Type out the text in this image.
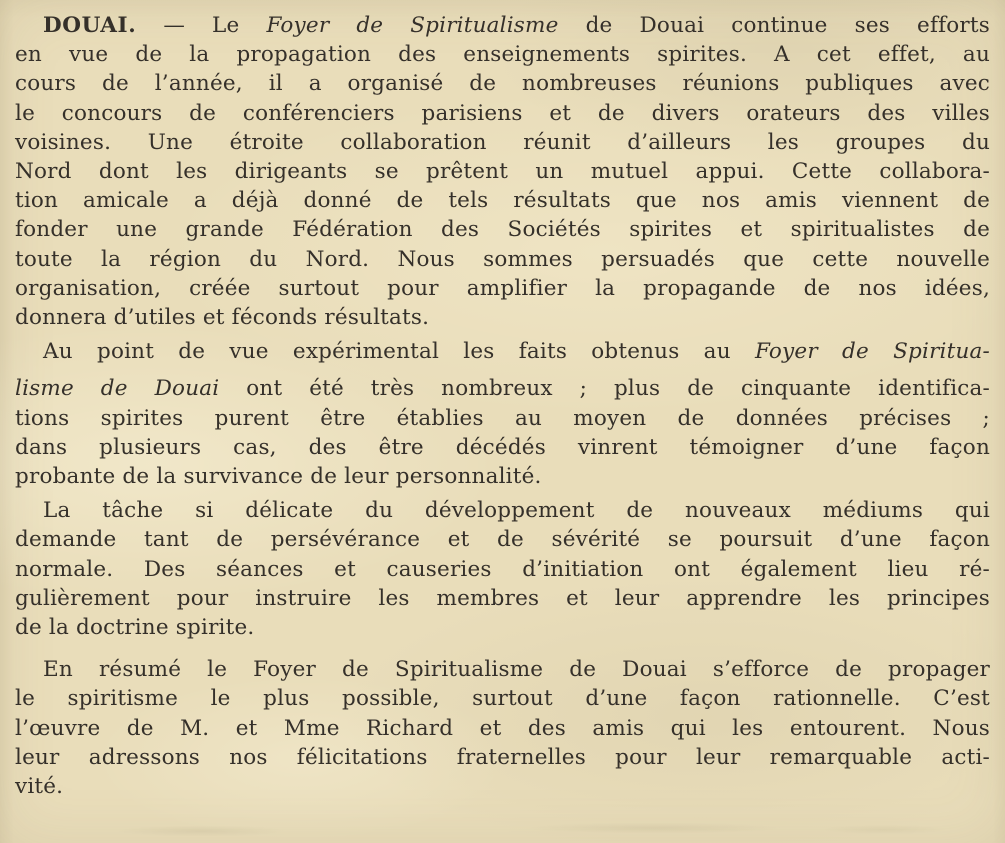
DOUAI. — Le Foyer de Spiritualisme de Douai continue ses efforts
en vue de la propagation des enseignements spirites. A cet effet, au
cours de l’année, il a organisé de nombreuses réunions publiques avec
le concours de conférenciers parisiens et de divers orateurs des villes
voisines. Une étroite collaboration réunit d’ailleurs les groupes du
Nord dont les dirigeants se prêtent un mutuel appui. Cette collabora-
tion amicale a déjà donné de tels résultats que nos amis viennent de
fonder une grande Fédération des Sociétés spirites et spiritualistes de
toute la région du Nord. Nous sommes persuadés que cette nouvelle
organisation, créée surtout pour amplifier la propagande de nos idées,
donnera d’utiles et féconds résultats.
Au point de vue expérimental les faits obtenus au Foyer de Spiritua-
lisme de Douai ont été très nombreux ; plus de cinquante identifica-
tions spirites purent être établies au moyen de données précises ;
dans plusieurs cas, des être décédés vinrent témoigner d’une façon
probante de la survivance de leur personnalité.
La tâche si délicate du développement de nouveaux médiums qui
demande tant de persévérance et de sévérité se poursuit d’une façon
normale. Des séances et causeries d’initiation ont également lieu ré-
gulièrement pour instruire les membres et leur apprendre les principes
de la doctrine spirite.
En résumé le Foyer de Spiritualisme de Douai s’efforce de propager
le spiritisme le plus possible, surtout d’une façon rationnelle. C’est
l’œuvre de M. et Mme Richard et des amis qui les entourent. Nous
leur adressons nos félicitations fraternelles pour leur remarquable acti-
vité.
